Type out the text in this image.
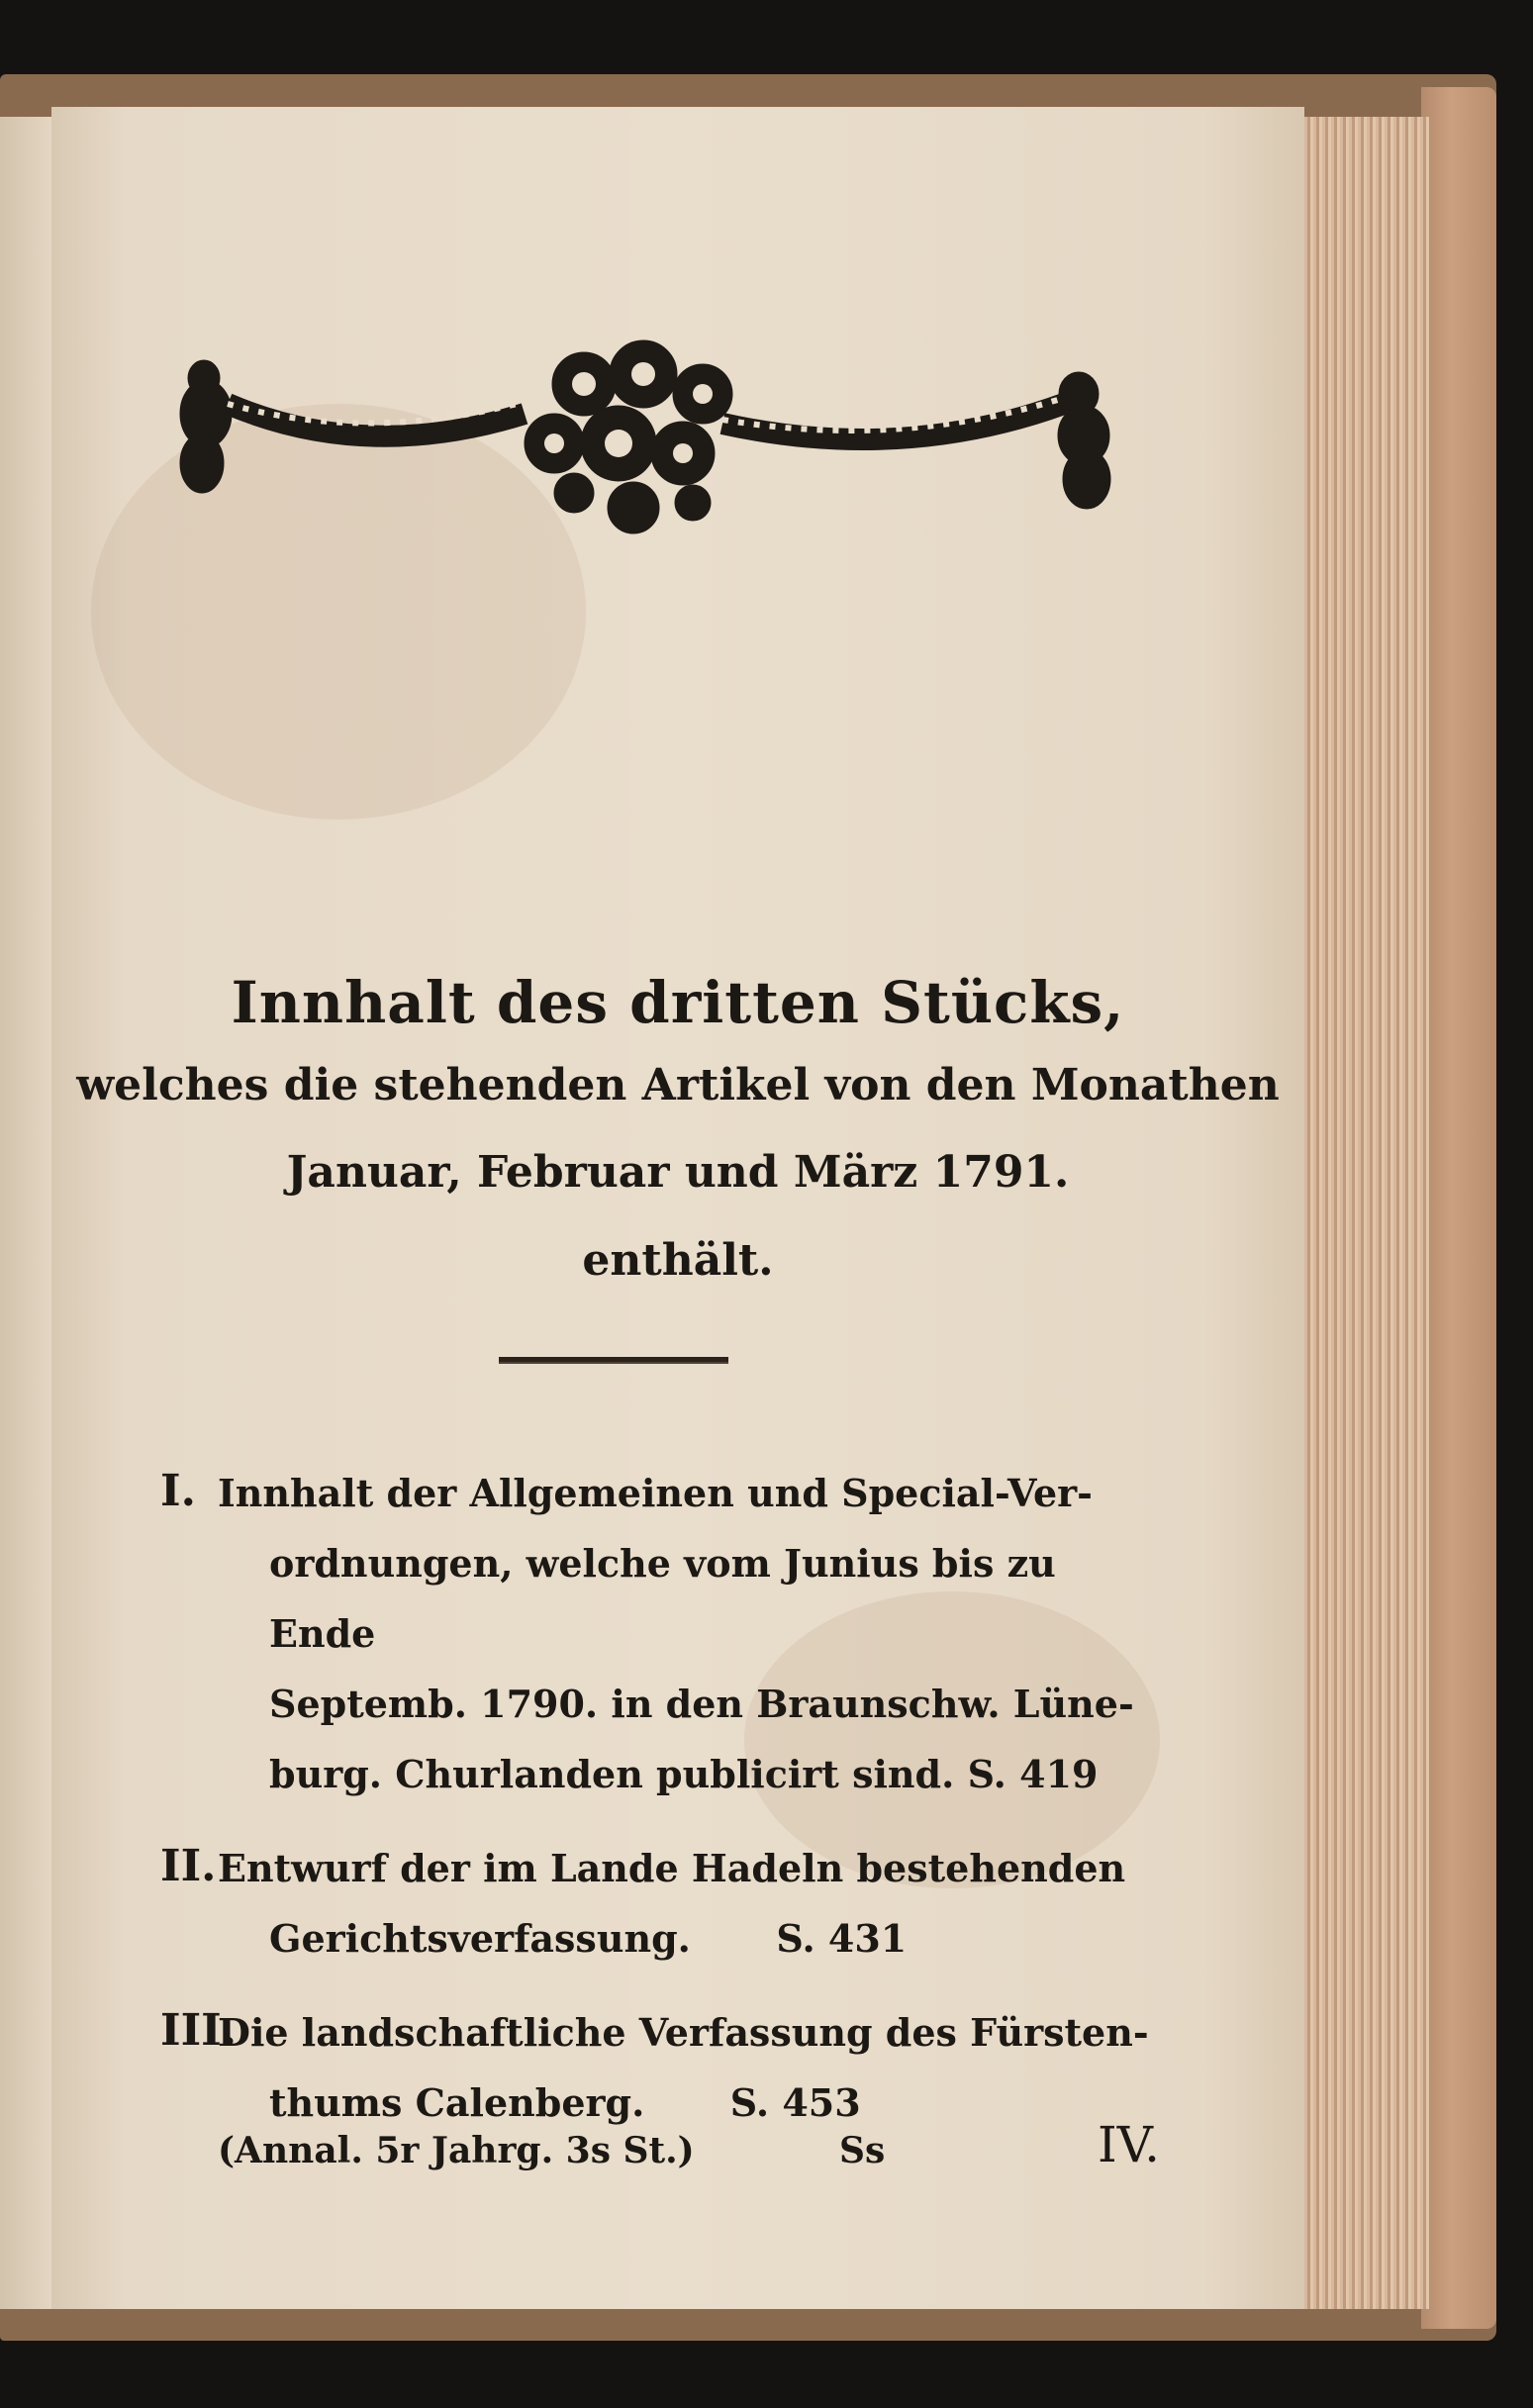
Innhalt des dritten Stücks,
welches die stehenden Artikel von den Monathen
Januar, Februar und März 1791.
enthält.
I. Innhalt der Allgemeinen und Special-Ver-
ordnungen, welche vom Junius bis zu Ende
Septemb. 1790. in den Braunschw. Lüne-
burg. Churlanden publicirt sind. S. 419
II. Entwurf der im Lande Hadeln bestehenden
Gerichtsverfassung. S. 431
III.
Die landschaftliche Verfassung des Fürsten-
thums Calenberg. S. 453
(Annal. 5r Jahrg. 3s St.)	Ss	IV.
